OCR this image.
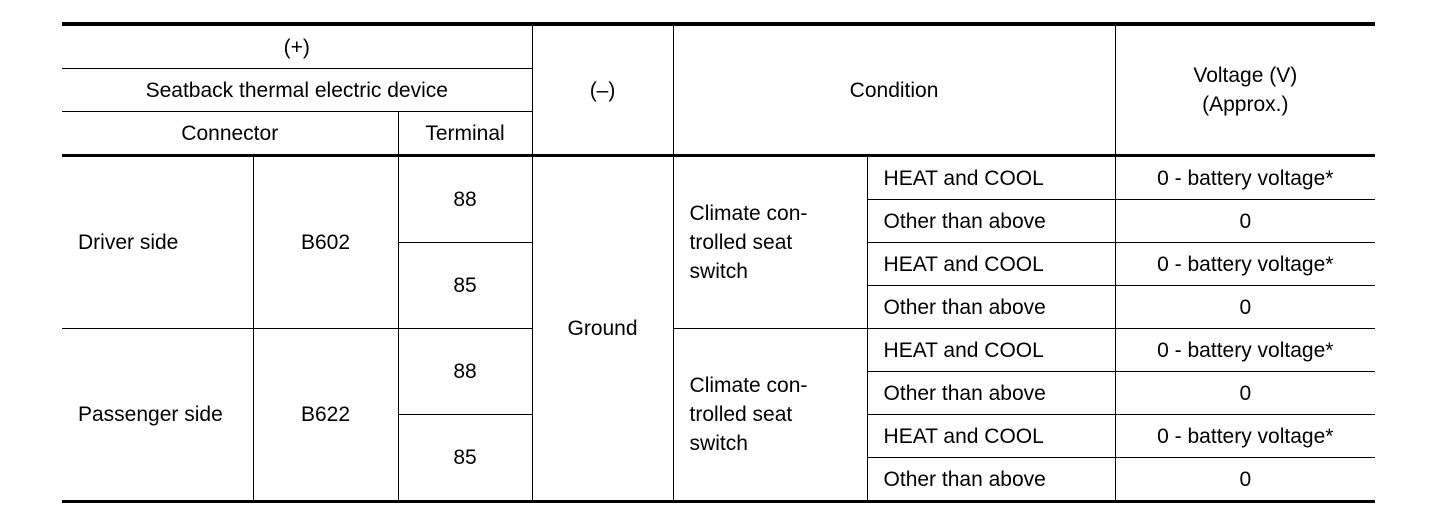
(+)			(–)	Condition		Voltage (V)
(Approx.)
Seatback thermal electric device						
Connector		Terminal				
Driver side	B602	88	Ground	Climate con-
trolled seat
switch	HEAT and COOL	0 - battery voltage*
					Other than above	0
		85			HEAT and COOL	0 - battery voltage*
					Other than above	0
Passenger side	B622	88		Climate con-
trolled seat
switch	HEAT and COOL	0 - battery voltage*
					Other than above	0
		85			HEAT and COOL	0 - battery voltage*
					Other than above	0
